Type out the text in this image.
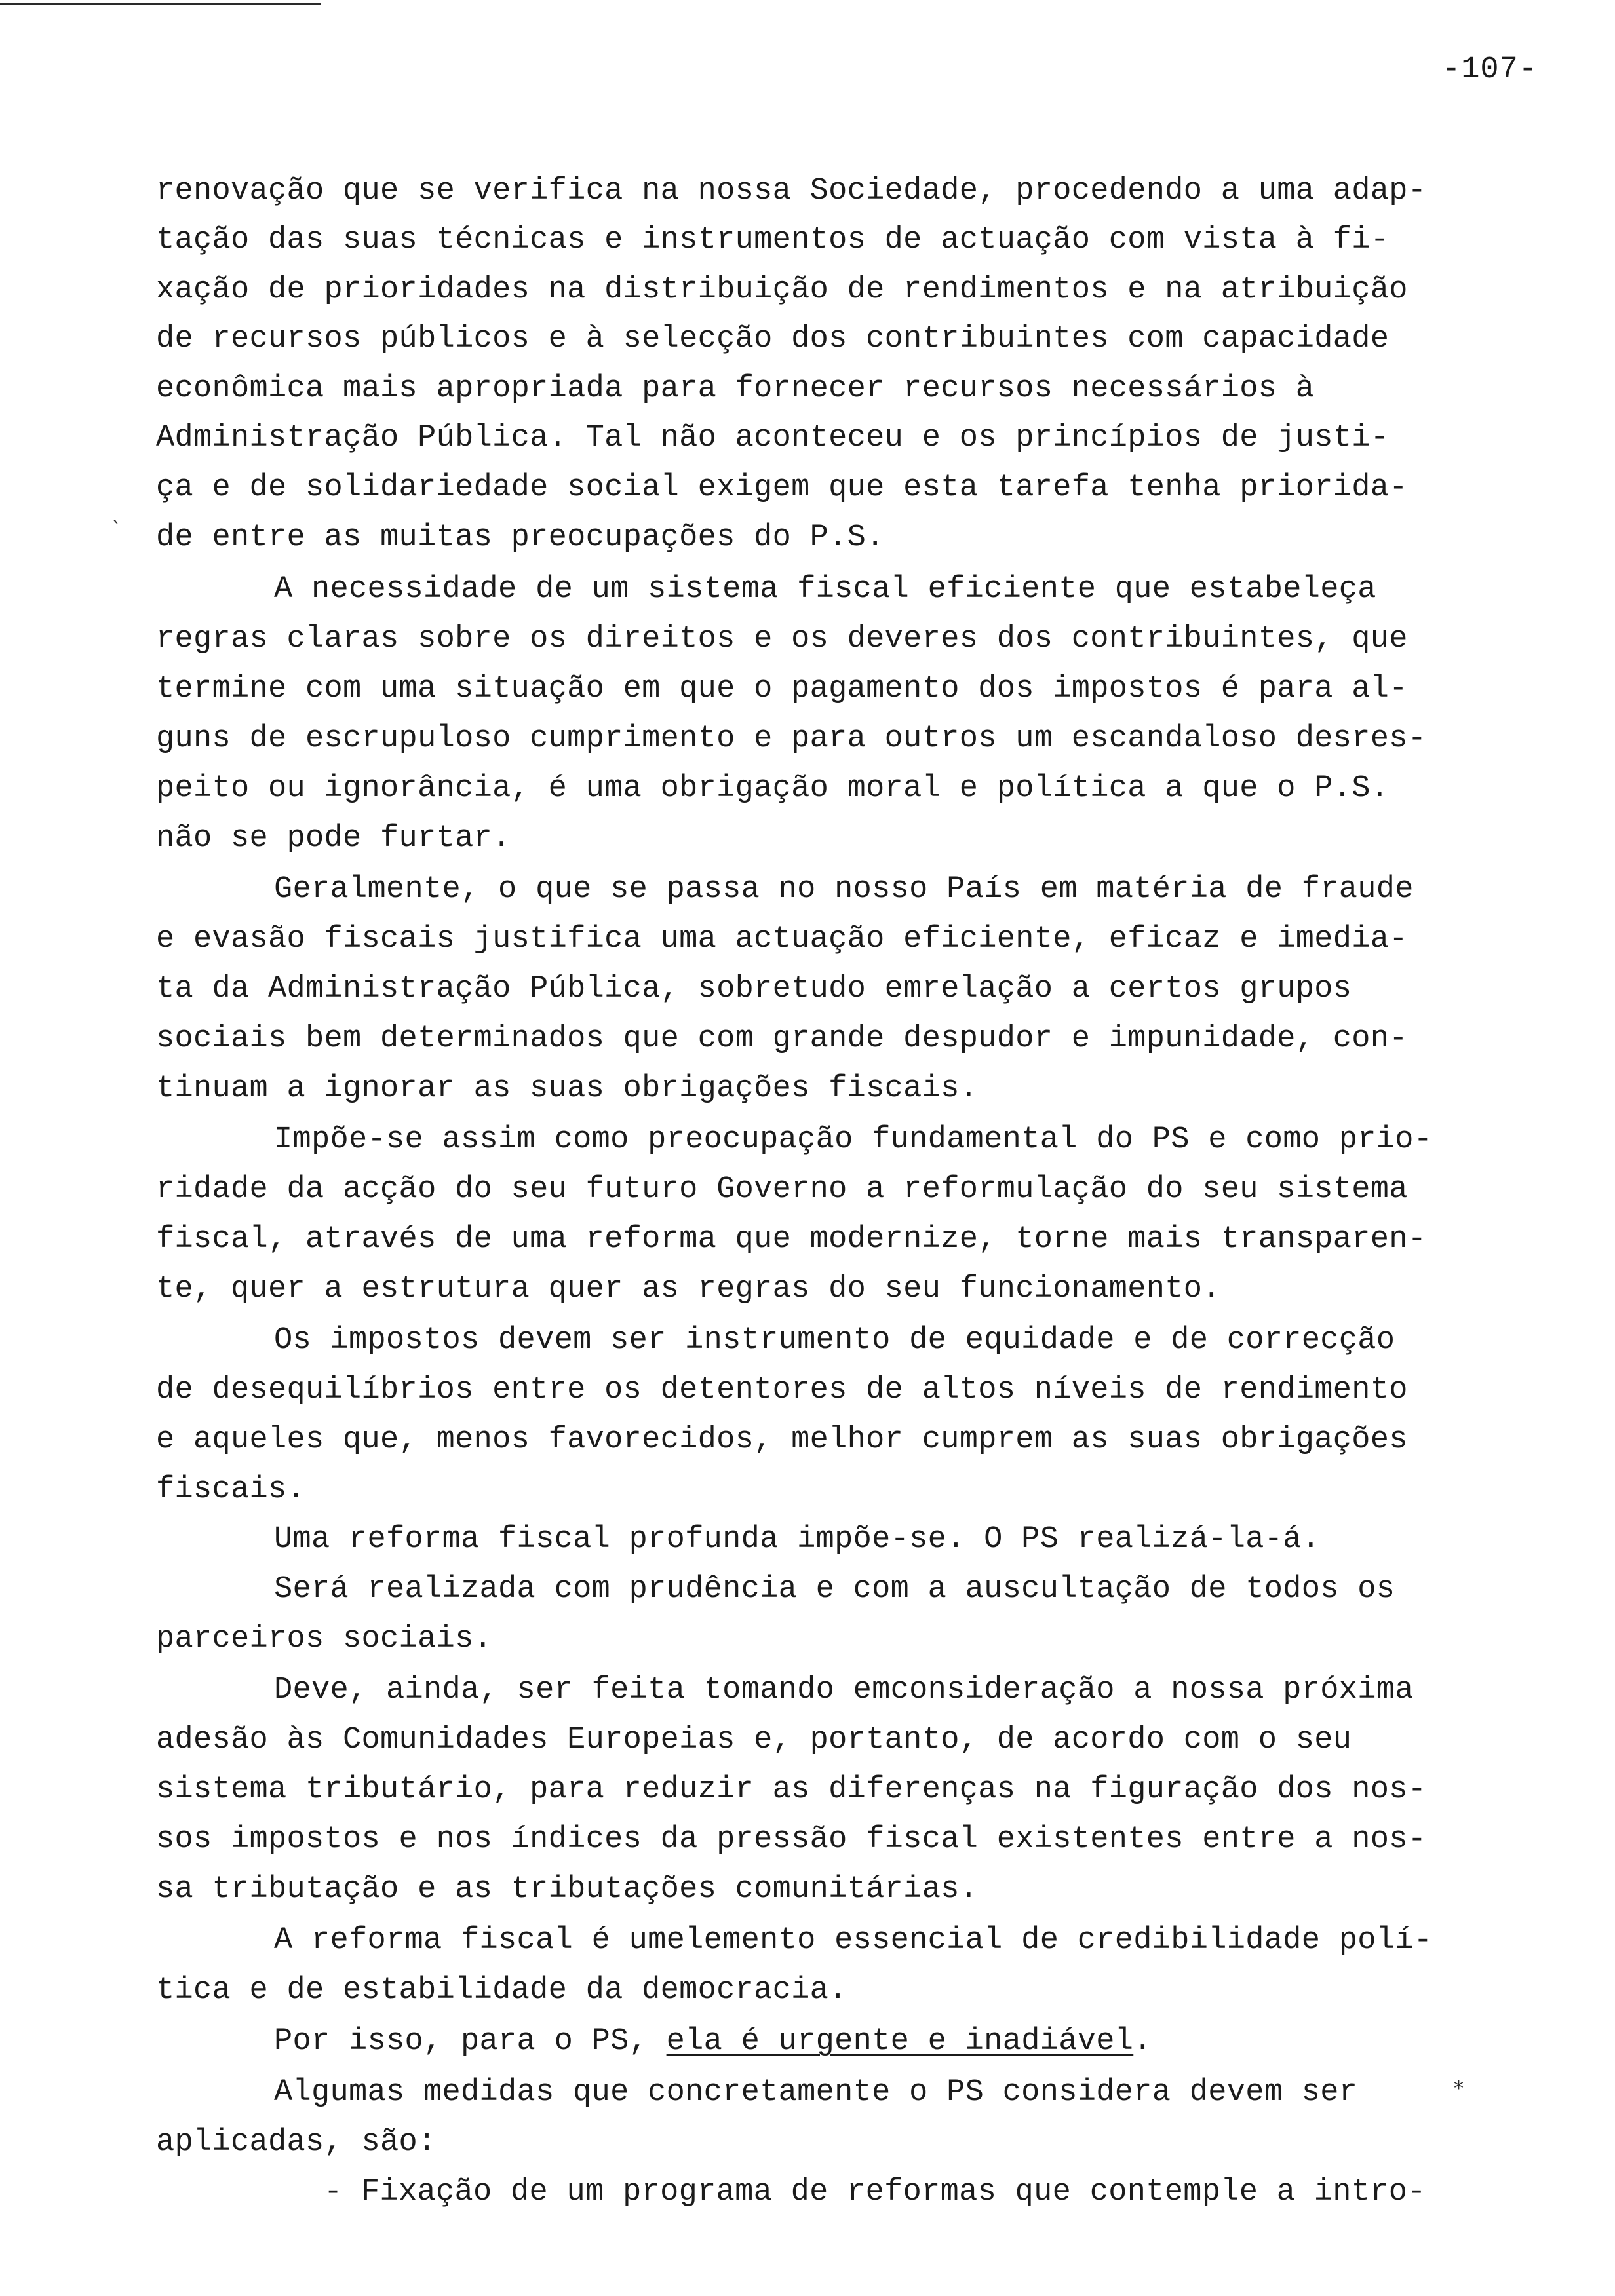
-107-
renovação que se verifica na nossa Sociedade, procedendo a uma adap-
tação das suas técnicas e instrumentos de actuação com vista à fi-
xação de prioridades na distribuição de rendimentos e na atribuição
de recursos públicos e à selecção dos contribuintes com capacidade
econômica mais apropriada para fornecer recursos necessários à
Administração Pública. Tal não aconteceu e os princípios de justi-
ça e de solidariedade social exigem que esta tarefa tenha priorida-
de entre as muitas preocupações do P.S.
A necessidade de um sistema fiscal eficiente que estabeleça
regras claras sobre os direitos e os deveres dos contribuintes, que
termine com uma situação em que o pagamento dos impostos é para al-
guns de escrupuloso cumprimento e para outros um escandaloso desres-
peito ou ignorância, é uma obrigação moral e política a que o P.S.
não se pode furtar.
Geralmente, o que se passa no nosso País em matéria de fraude
e evasão fiscais justifica uma actuação eficiente, eficaz e imedia-
ta da Administração Pública, sobretudo emrelação a certos grupos
sociais bem determinados que com grande despudor e impunidade, con-
tinuam a ignorar as suas obrigações fiscais.
Impõe-se assim como preocupação fundamental do PS e como prio-
ridade da acção do seu futuro Governo a reformulação do seu sistema
fiscal, através de uma reforma que modernize, torne mais transparen-
te, quer a estrutura quer as regras do seu funcionamento.
Os impostos devem ser instrumento de equidade e de correcção
de desequilíbrios entre os detentores de altos níveis de rendimento
e aqueles que, menos favorecidos, melhor cumprem as suas obrigações
fiscais.
Uma reforma fiscal profunda impõe-se. O PS realizá-la-á.
Será realizada com prudência e com a auscultação de todos os
parceiros sociais.
Deve, ainda, ser feita tomando emconsideração a nossa próxima
adesão às Comunidades Europeias e, portanto, de acordo com o seu
sistema tributário, para reduzir as diferenças na figuração dos nos-
sos impostos e nos índices da pressão fiscal existentes entre a nos-
sa tributação e as tributações comunitárias.
A reforma fiscal é umelemento essencial de credibilidade polí-
tica e de estabilidade da democracia.
Por isso, para o PS, ela é urgente e inadiável.
Algumas medidas que concretamente o PS considera devem ser
aplicadas, são:
- Fixação de um programa de reformas que contemple a intro-
ˋ
*
